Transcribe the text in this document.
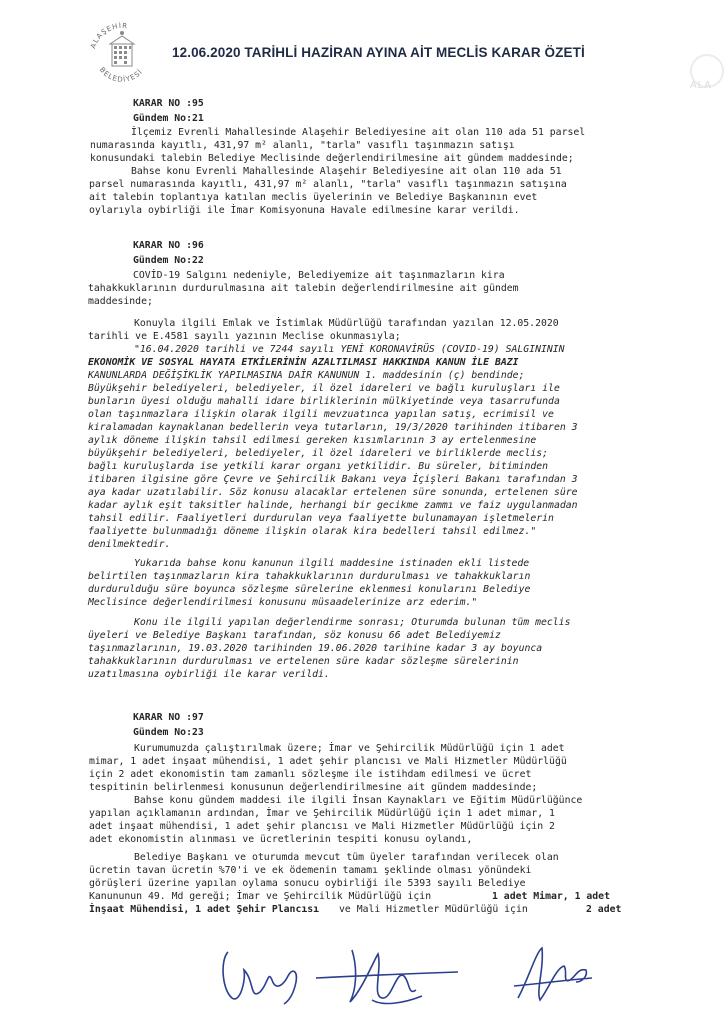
ALAŞEHİR
BELEDİYESİ
ALA
12.06.2020 TARİHLİ HAZİRAN AYINA AİT MECLİS KARAR ÖZETİ
KARAR NO :95
Gündem No:21
İlçemiz Evrenli Mahallesinde Alaşehir Belediyesine ait olan 110 ada 51 parsel
numarasında kayıtlı, 431,97 m² alanlı, "tarla" vasıflı taşınmazın satışı
konusundaki talebin Belediye Meclisinde değerlendirilmesine ait gündem maddesinde;
Bahse konu Evrenli Mahallesinde Alaşehir Belediyesine ait olan 110 ada 51
parsel numarasında kayıtlı, 431,97 m² alanlı, "tarla" vasıflı taşınmazın satışına
ait talebin toplantıya katılan meclis üyelerinin ve Belediye Başkanının evet
oylarıyla oybirliği ile İmar Komisyonuna Havale edilmesine karar verildi.
KARAR NO :96
Gündem No:22
COVİD-19 Salgını nedeniyle, Belediyemize ait taşınmazların kira
tahakkuklarının durdurulmasına ait talebin değerlendirilmesine ait gündem
maddesinde;
Konuyla ilgili Emlak ve İstimlak Müdürlüğü tarafından yazılan 12.05.2020
tarihli ve E.4581 sayılı yazının Meclise okunmasıyla;
"16.04.2020 tarihli ve 7244 sayılı YENİ KORONAVİRÜS (COVID-19) SALGINININ
EKONOMİK VE SOSYAL HAYATA ETKİLERİNİN AZALTILMASI HAKKINDA KANUN İLE BAZI
KANUNLARDA DEĞİŞİKLİK YAPILMASINA DAİR KANUNUN 1. maddesinin (ç) bendinde;
Büyükşehir belediyeleri, belediyeler, il özel idareleri ve bağlı kuruluşları ile
bunların üyesi olduğu mahalli idare birliklerinin mülkiyetinde veya tasarrufunda
olan taşınmazlara ilişkin olarak ilgili mevzuatınca yapılan satış, ecrimisil ve
kiralamadan kaynaklanan bedellerin veya tutarların, 19/3/2020 tarihinden itibaren 3
aylık döneme ilişkin tahsil edilmesi gereken kısımlarının 3 ay ertelenmesine
büyükşehir belediyeleri, belediyeler, il özel idareleri ve birliklerde meclis;
bağlı kuruluşlarda ise yetkili karar organı yetkilidir. Bu süreler, bitiminden
itibaren ilgisine göre Çevre ve Şehircilik Bakanı veya İçişleri Bakanı tarafından 3
aya kadar uzatılabilir. Söz konusu alacaklar ertelenen süre sonunda, ertelenen süre
kadar aylık eşit taksitler halinde, herhangi bir gecikme zammı ve faiz uygulanmadan
tahsil edilir. Faaliyetleri durdurulan veya faaliyette bulunamayan işletmelerin
faaliyette bulunmadığı döneme ilişkin olarak kira bedelleri tahsil edilmez."
denilmektedir.
Yukarıda bahse konu kanunun ilgili maddesine istinaden ekli listede
belirtilen taşınmazların kira tahakkuklarının durdurulması ve tahakkukların
durdurulduğu süre boyunca sözleşme sürelerine eklenmesi konularını Belediye
Meclisince değerlendirilmesi konusunu müsaadelerinize arz ederim."
Konu ile ilgili yapılan değerlendirme sonrası; Oturumda bulunan tüm meclis
üyeleri ve Belediye Başkanı tarafından, söz konusu 66 adet Belediyemiz
taşınmazlarının, 19.03.2020 tarihinden 19.06.2020 tarihine kadar 3 ay boyunca
tahakkuklarının durdurulması ve ertelenen süre kadar sözleşme sürelerinin
uzatılmasına oybirliği ile karar verildi.
KARAR NO :97
Gündem No:23
Kurumumuzda çalıştırılmak üzere; İmar ve Şehircilik Müdürlüğü için 1 adet
mimar, 1 adet inşaat mühendisi, 1 adet şehir plancısı ve Mali Hizmetler Müdürlüğü
için 2 adet ekonomistin tam zamanlı sözleşme ile istihdam edilmesi ve ücret
tespitinin belirlenmesi konusunun değerlendirilmesine ait gündem maddesinde;
Bahse konu gündem maddesi ile ilgili İnsan Kaynakları ve Eğitim Müdürlüğünce
yapılan açıklamanın ardından, İmar ve Şehircilik Müdürlüğü için 1 adet mimar, 1
adet inşaat mühendisi, 1 adet şehir plancısı ve Mali Hizmetler Müdürlüğü için 2
adet ekonomistin alınması ve ücretlerinin tespiti konusu oylandı,
Belediye Başkanı ve oturumda mevcut tüm üyeler tarafından verilecek olan
ücretin tavan ücretin %70'i ve ek ödemenin tamamı şeklinde olması yönündeki
görüşleri üzerine yapılan oylama sonucu oybirliği ile 5393 sayılı Belediye
Kanununun 49. Md gereği; İmar ve Şehircilik Müdürlüğü için	1 adet Mimar, 1 adet
İnşaat Mühendisi, 1 adet Şehir Plancısı ve Mali Hizmetler Müdürlüğü için	2 adet
